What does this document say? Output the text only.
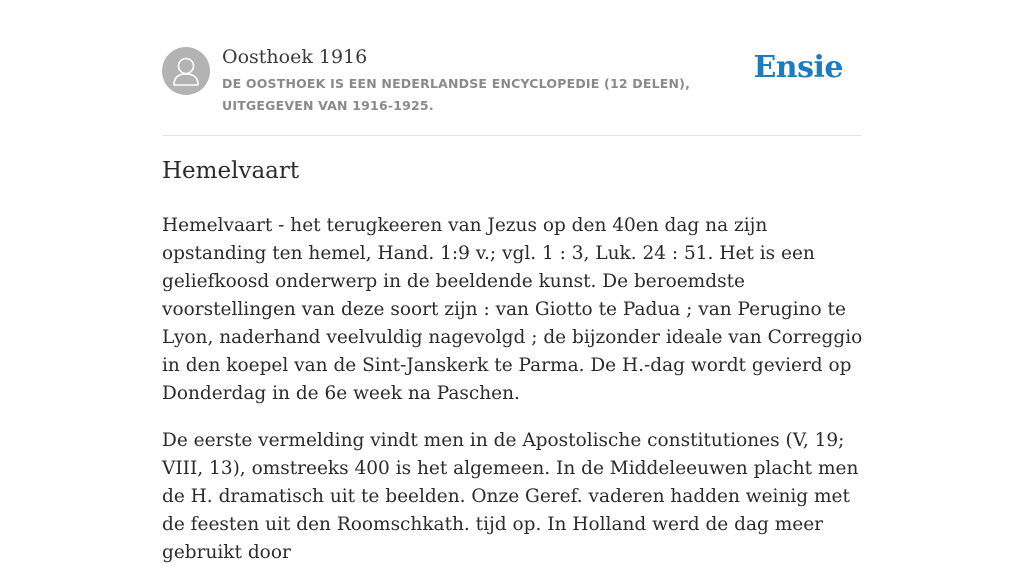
Oosthoek 1916
DE OOSTHOEK IS EEN NEDERLANDSE ENCYCLOPEDIE (12 DELEN), UITGEGEVEN VAN 1916-1925.
Ensie
Hemelvaart

Hemelvaart - het terugkeeren van Jezus op den 40en dag na zijn opstanding ten hemel, Hand. 1:9 v.; vgl. 1 : 3, Luk. 24 : 51. Het is een geliefkoosd onderwerp in de beeldende kunst. De beroemdste voorstellingen van deze soort zijn : van Giotto te Padua ; van Perugino te Lyon, naderhand veelvuldig nagevolgd ; de bijzonder ideale van Correggio in den koepel van de Sint-Janskerk te Parma. De H.-dag wordt gevierd op Donderdag in de 6e week na Paschen.

De eerste vermelding vindt men in de Apostolische constitutiones (V, 19; VIII, 13), omstreeks 400 is het algemeen. In de Middeleeuwen placht men de H. dramatisch uit te beelden. Onze Geref. vaderen hadden weinig met de feesten uit den Roomschkath. tijd op. In Holland werd de dag meer gebruikt door
